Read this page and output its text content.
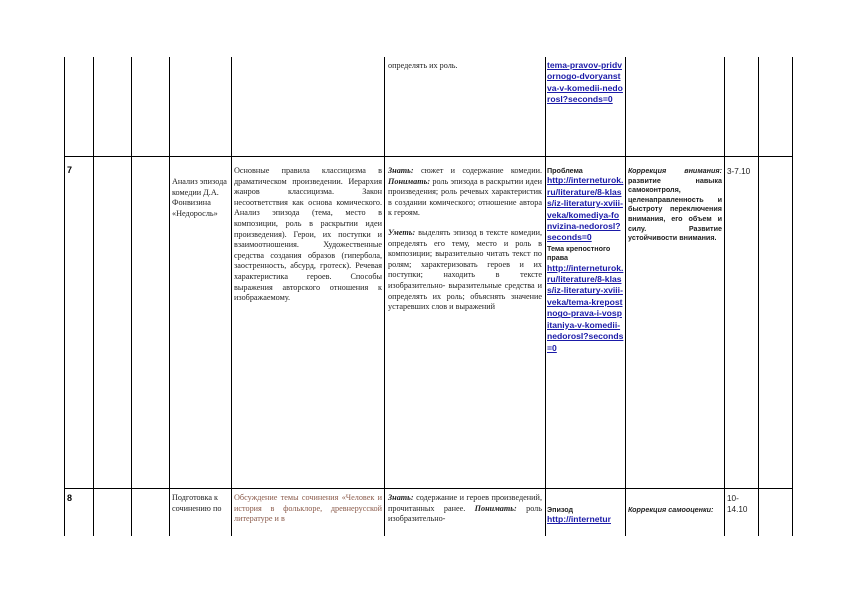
определять их роль.	tema-pravov-pridvornogo-dvoryanstva-v-komedii-nedorosl?seconds=0
7
Анализ эпизода комедии Д.А. Фонвизина «Недоросль»
Основные правила классицизма в драматическом произведении. Иерархия жанров классицизма. Закон несоответствия как основа комического. Анализ эпизода (тема, место в композиции, роль в раскрытии идеи произведения). Герои, их поступки и взаимоотношения. Художественные средства создания образов (гипербола, заостренность, абсурд, гротеск). Речевая характеристика героев. Способы выражения авторского отношения к изображаемому.

Знать: сюжет и содержание комедии. Понимать: роль эпизода в раскрытии идеи произведения; роль речевых характеристик в создании комического; отношение автора к героям.

Уметь: выделять эпизод в тексте комедии, определять его тему, место и роль в композиции; выразительно читать текст по ролям; характеризовать героев и их поступки; находить в тексте изобразительно- выразительные средства и определять их роль; объяснять значение устаревших слов и выражений

Проблема
http://interneturok.ru/literature/8-klass/iz-literatury-xviii-veka/komediya-fonvizina-nedorosl?seconds=0
Тема крепостного права
http://interneturok.ru/literature/8-klass/iz-literatury-xviii-veka/tema-krepostnogo-prava-i-vospitaniya-v-komedii-nedorosl?seconds=0
Коррекция внимания: развитие навыка самоконтроля, целенаправленность и быстроту переключения внимания, его объем и силу. Развитие устойчивости внимания.
3-7.10
8	Подготовка к сочинению по
Обсуждение темы сочинения «Человек и история в фольклоре, древнерусской литературе и в
Знать: содержание и героев произведений, прочитанных ранее. Понимать: роль изобразительно-
Эпизод
http://internetur
Коррекция самооценки:
10-14.10
